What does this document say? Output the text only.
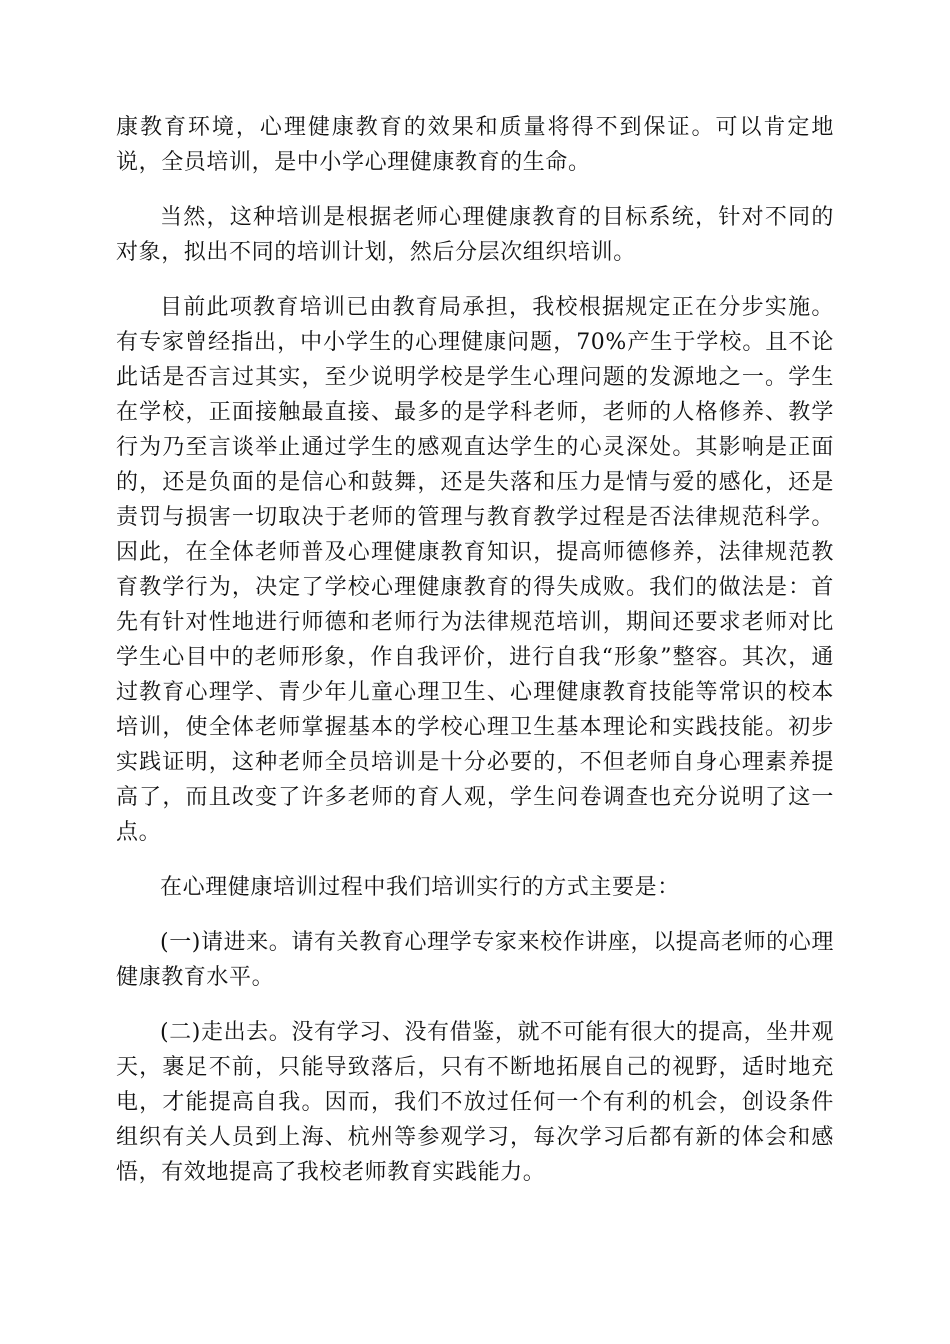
康教育环境，心理健康教育的效果和质量将得不到保证。可以肯定地说，全员培训，是中小学心理健康教育的生命。

当然，这种培训是根据老师心理健康教育的目标系统，针对不同的对象，拟出不同的培训计划，然后分层次组织培训。

目前此项教育培训已由教育局承担，我校根据规定正在分步实施。有专家曾经指出，中小学生的心理健康问题，70%产生于学校。且不论此话是否言过其实，至少说明学校是学生心理问题的发源地之一。学生在学校，正面接触最直接、最多的是学科老师，老师的人格修养、教学行为乃至言谈举止通过学生的感观直达学生的心灵深处。其影响是正面的，还是负面的是信心和鼓舞，还是失落和压力是情与爱的感化，还是责罚与损害一切取决于老师的管理与教育教学过程是否法律规范科学。因此，在全体老师普及心理健康教育知识，提高师德修养，法律规范教育教学行为，决定了学校心理健康教育的得失成败。我们的做法是：首先有针对性地进行师德和老师行为法律规范培训，期间还要求老师对比学生心目中的老师形象，作自我评价，进行自我“形象”整容。其次，通过教育心理学、青少年儿童心理卫生、心理健康教育技能等常识的校本培训，使全体老师掌握基本的学校心理卫生基本理论和实践技能。初步实践证明，这种老师全员培训是十分必要的，不但老师自身心理素养提高了，而且改变了许多老师的育人观，学生问卷调查也充分说明了这一点。

在心理健康培训过程中我们培训实行的方式主要是：

(一)请进来。请有关教育心理学专家来校作讲座，以提高老师的心理健康教育水平。

(二)走出去。没有学习、没有借鉴，就不可能有很大的提高，坐井观天，裹足不前，只能导致落后，只有不断地拓展自己的视野，适时地充电，才能提高自我。因而，我们不放过任何一个有利的机会，创设条件组织有关人员到上海、杭州等参观学习，每次学习后都有新的体会和感悟，有效地提高了我校老师教育实践能力。
